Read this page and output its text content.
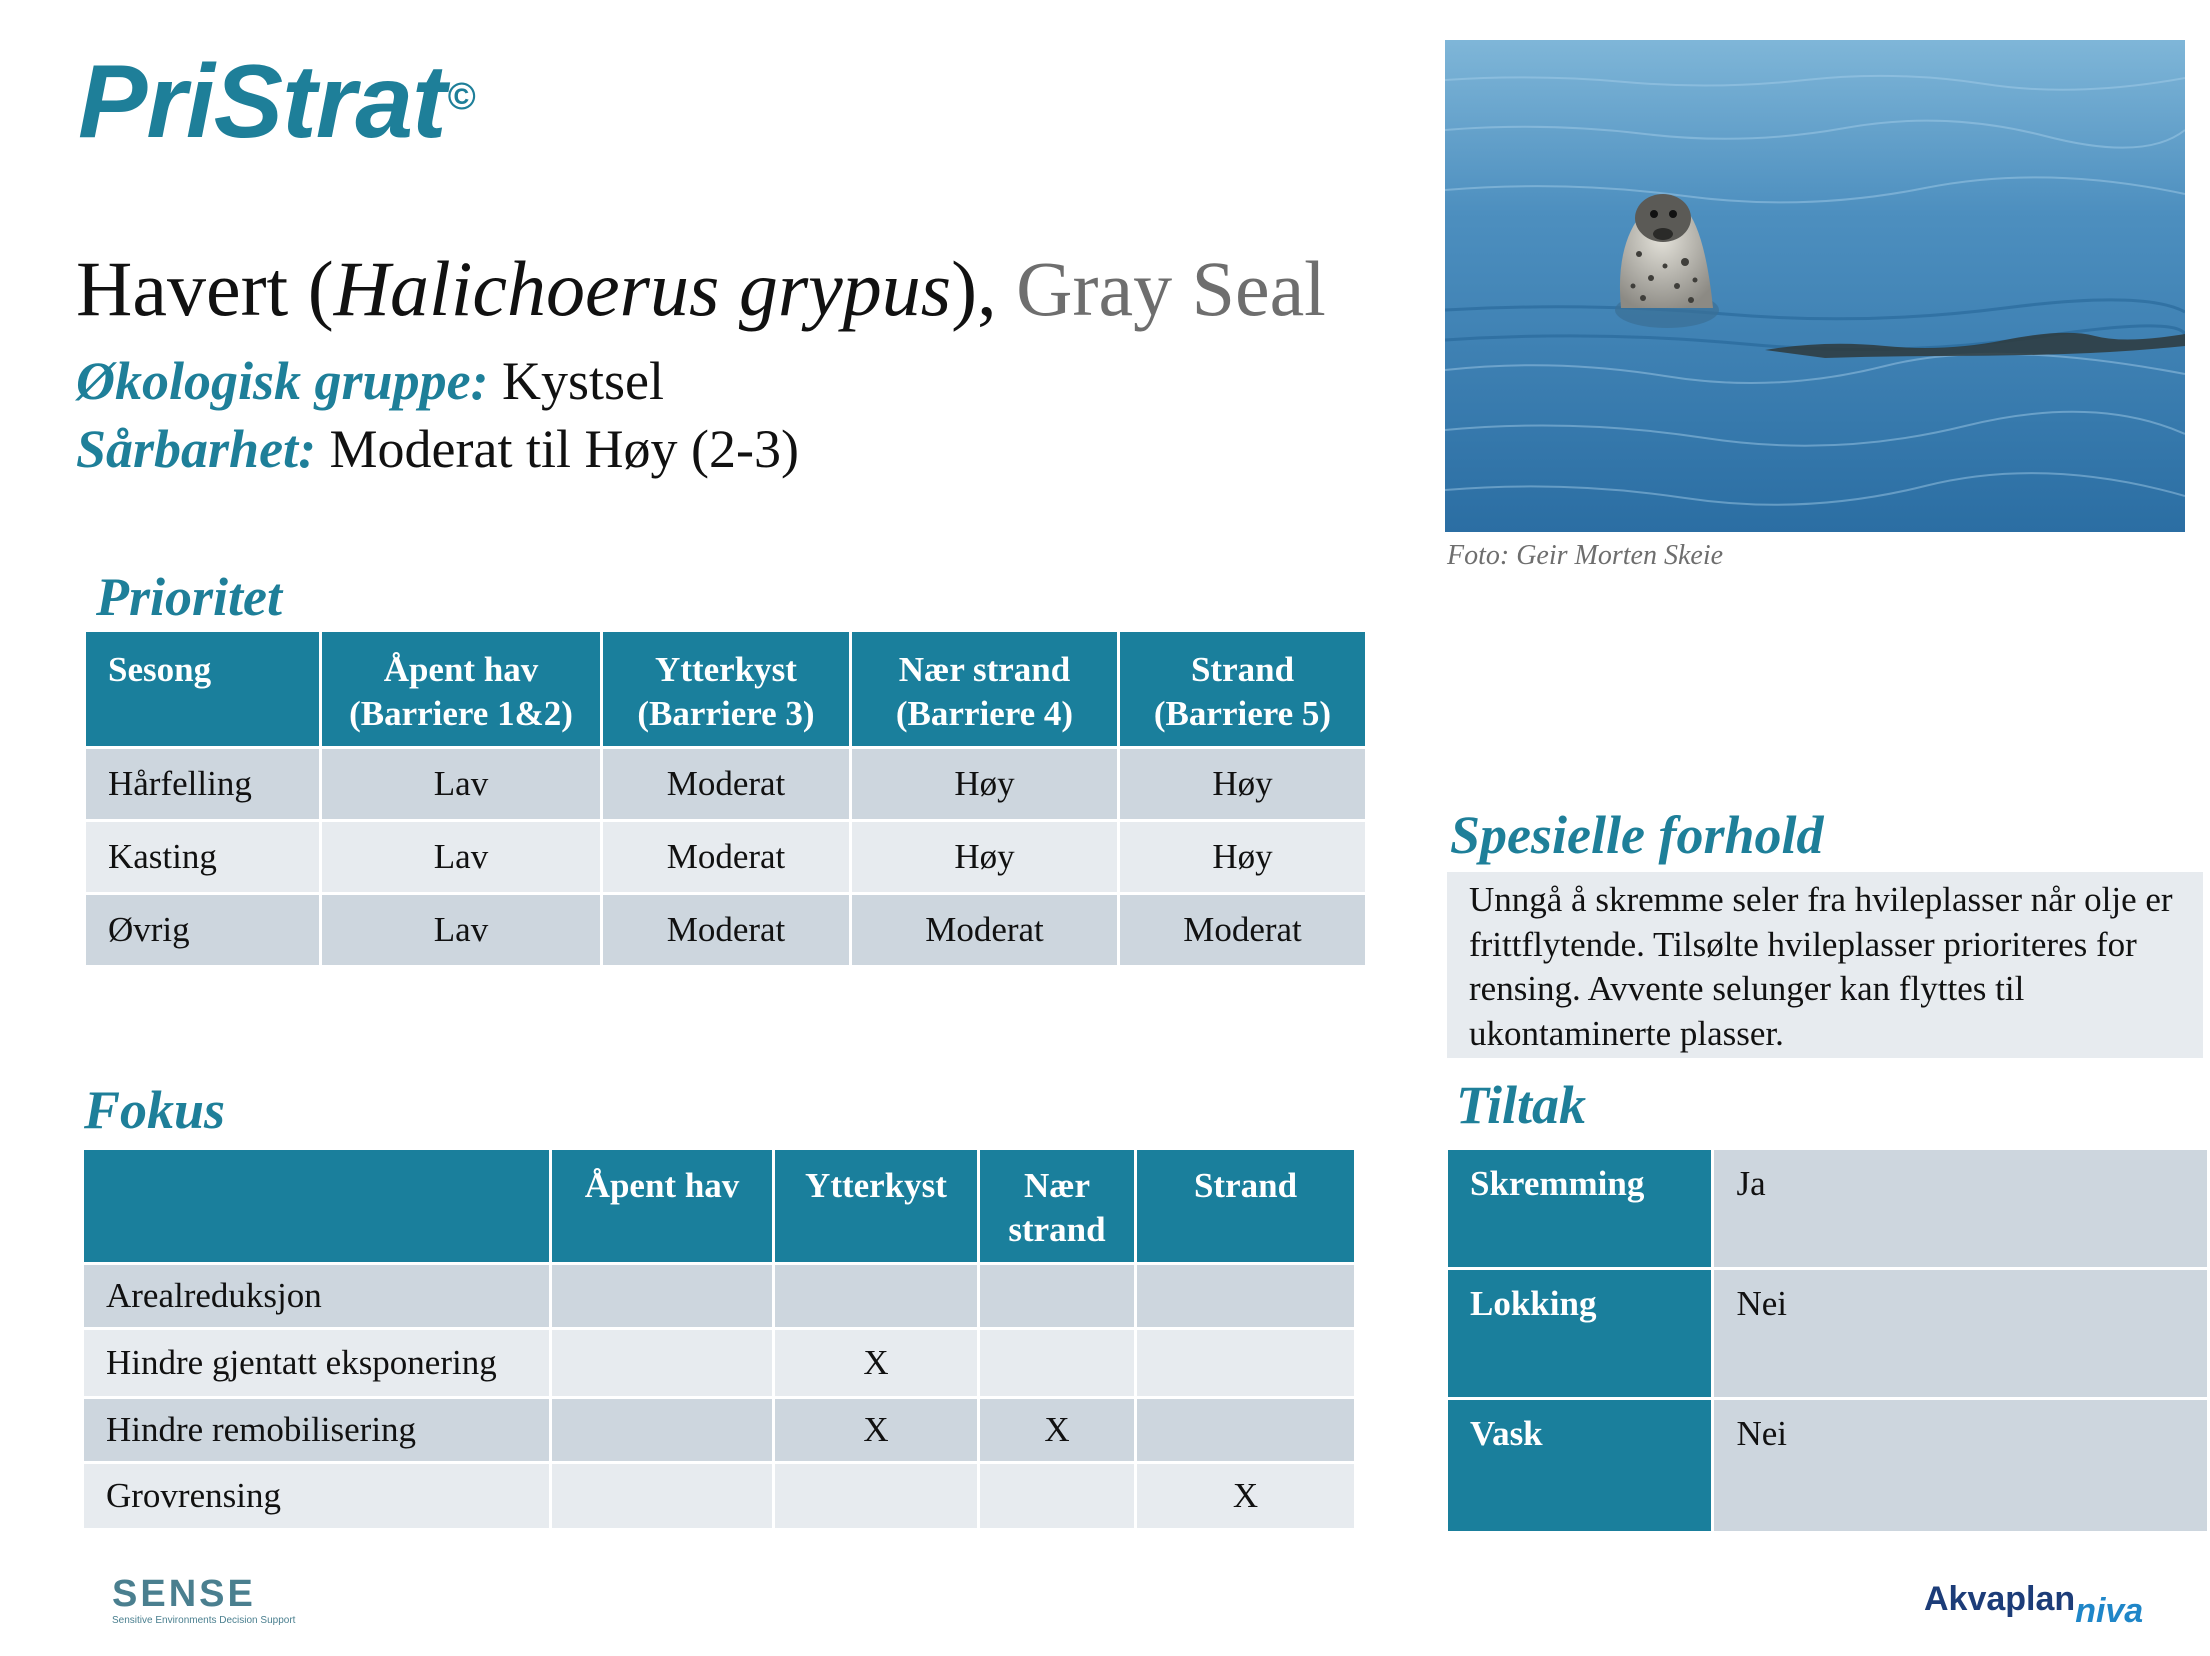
PriStrat©
Havert (Halichoerus grypus), Gray Seal
Økologisk gruppe: Kystsel
Sårbarhet: Moderat til Høy (2-3)
Prioritet
Sesong	Åpent hav (Barriere 1&2)	Ytterkyst (Barriere 3)	Nær strand (Barriere 4)	Strand (Barriere 5)
Hårfelling	Lav	Moderat	Høy	Høy
Kasting	Lav	Moderat	Høy	Høy
Øvrig	Lav	Moderat	Moderat	Moderat
Fokus
	Åpent hav	Ytterkyst	Nær strand	Strand
Arealreduksjon				
Hindre gjentatt eksponering		X		
Hindre remobilisering		X	X	
Grovrensing				X
Foto: Geir Morten Skeie
Spesielle forhold
Unngå å skremme seler fra hvileplasser når olje er frittflytende. Tilsølte hvileplasser prioriteres for rensing. Avvente selunger kan flyttes til ukontaminerte plasser.
Tiltak
Skremming	Ja
Lokking	Nei
Vask	Nei
SENSE
Sensitive Environments Decision Support
Akvaplanniva
